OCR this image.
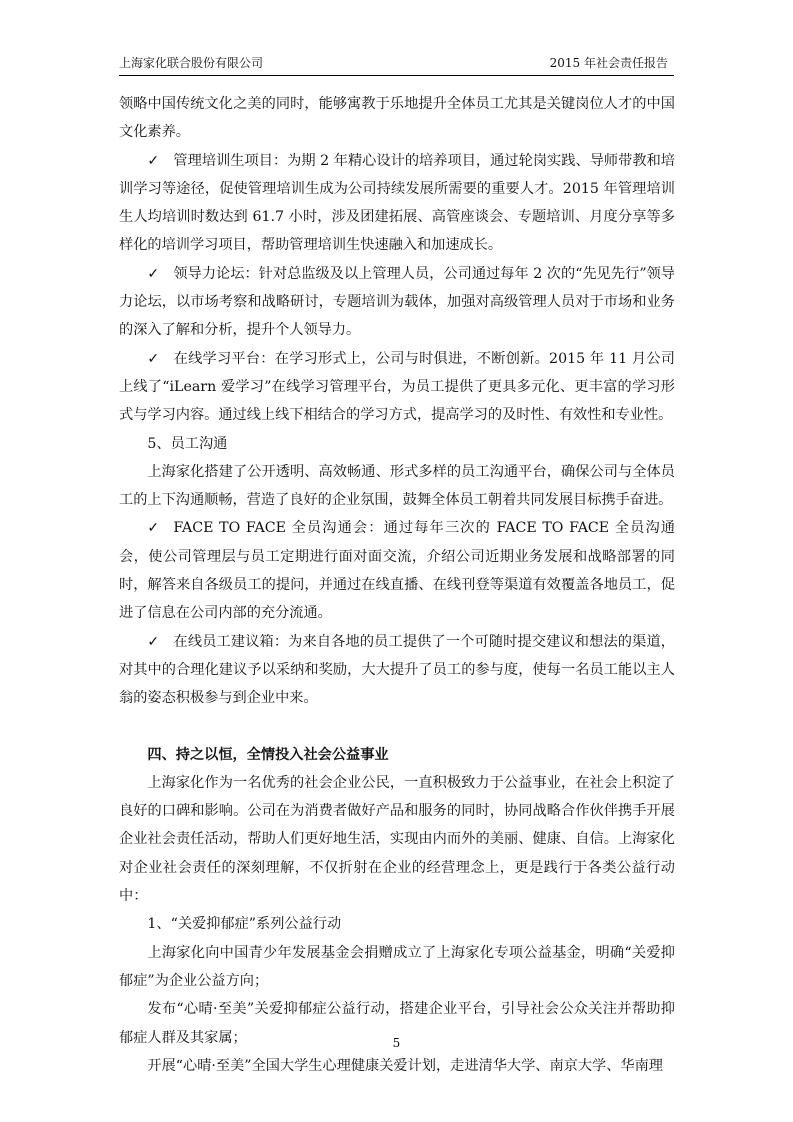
上海家化联合股份有限公司	2015 年社会责任报告

领略中国传统文化之美的同时，能够寓教于乐地提升全体员工尤其是关键岗位人才的中国文化素养。

✓ 管理培训生项目：为期 2 年精心设计的培养项目，通过轮岗实践、导师带教和培训学习等途径，促使管理培训生成为公司持续发展所需要的重要人才。2015 年管理培训生人均培训时数达到 61.7 小时，涉及团建拓展、高管座谈会、专题培训、月度分享等多样化的培训学习项目，帮助管理培训生快速融入和加速成长。

✓ 领导力论坛：针对总监级及以上管理人员，公司通过每年 2 次的“先见先行”领导力论坛，以市场考察和战略研讨，专题培训为载体，加强对高级管理人员对于市场和业务的深入了解和分析，提升个人领导力。

✓ 在线学习平台：在学习形式上，公司与时俱进，不断创新。2015 年 11 月公司上线了“iLearn 爱学习”在线学习管理平台，为员工提供了更具多元化、更丰富的学习形式与学习内容。通过线上线下相结合的学习方式，提高学习的及时性、有效性和专业性。

5、员工沟通

上海家化搭建了公开透明、高效畅通、形式多样的员工沟通平台，确保公司与全体员工的上下沟通顺畅，营造了良好的企业氛围，鼓舞全体员工朝着共同发展目标携手奋进。

✓ FACE TO FACE 全员沟通会：通过每年三次的 FACE TO FACE 全员沟通会，使公司管理层与员工定期进行面对面交流，介绍公司近期业务发展和战略部署的同时，解答来自各级员工的提问，并通过在线直播、在线刊登等渠道有效覆盖各地员工，促进了信息在公司内部的充分流通。

✓ 在线员工建议箱：为来自各地的员工提供了一个可随时提交建议和想法的渠道，对其中的合理化建议予以采纳和奖励，大大提升了员工的参与度，使每一名员工能以主人翁的姿态积极参与到企业中来。

四、持之以恒，全情投入社会公益事业

上海家化作为一名优秀的社会企业公民，一直积极致力于公益事业，在社会上积淀了良好的口碑和影响。公司在为消费者做好产品和服务的同时，协同战略合作伙伴携手开展企业社会责任活动，帮助人们更好地生活，实现由内而外的美丽、健康、自信。上海家化对企业社会责任的深刻理解，不仅折射在企业的经营理念上，更是践行于各类公益行动中：

1、“关爱抑郁症”系列公益行动

上海家化向中国青少年发展基金会捐赠成立了上海家化专项公益基金，明确“关爱抑郁症”为企业公益方向；

发布“心晴·至美”关爱抑郁症公益行动，搭建企业平台，引导社会公众关注并帮助抑郁症人群及其家属；

开展“心晴·至美”全国大学生心理健康关爱计划，走进清华大学、南京大学、华南理

5
